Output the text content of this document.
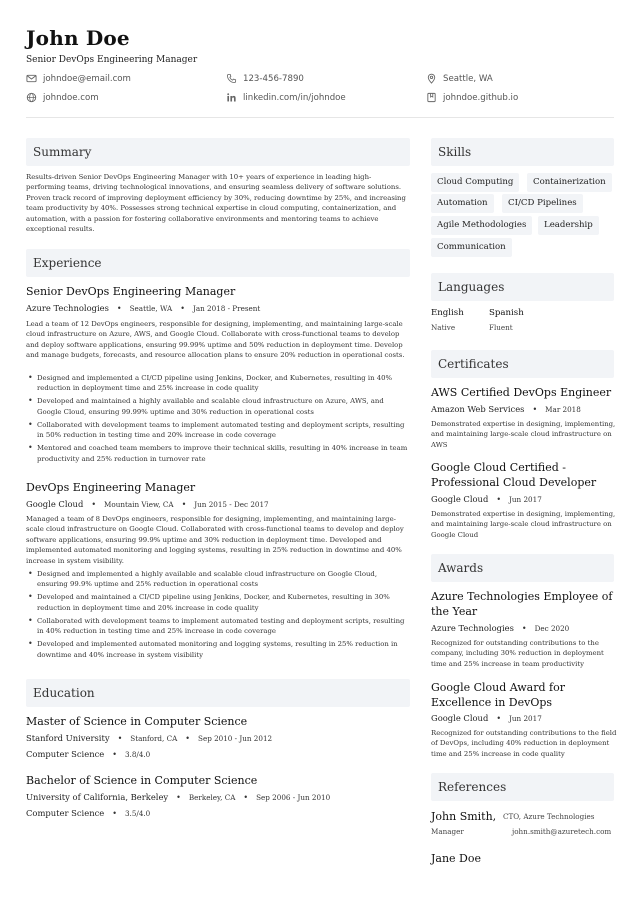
John Doe
Senior DevOps Engineering Manager
johndoe@email.com	123-456-7890	Seattle, WA
johndoe.com	linkedin.com/in/johndoe	johndoe.github.io
Summary
Results-driven Senior DevOps Engineering Manager with 10+ years of experience in leading high-performing teams, driving technological innovations, and ensuring seamless delivery of software solutions. Proven track record of improving deployment efficiency by 30%, reducing downtime by 25%, and increasing team productivity by 40%. Possesses strong technical expertise in cloud computing, containerization, and automation, with a passion for fostering collaborative environments and mentoring teams to achieve exceptional results.
Experience
Senior DevOps Engineering Manager
Azure Technologies • Seattle, WA • Jan 2018 - Present
Lead a team of 12 DevOps engineers, responsible for designing, implementing, and maintaining large-scale cloud infrastructure on Azure, AWS, and Google Cloud. Collaborate with cross-functional teams to develop and deploy software applications, ensuring 99.99% uptime and 50% reduction in deployment time. Develop and manage budgets, forecasts, and resource allocation plans to ensure 20% reduction in operational costs.
• Designed and implemented a CI/CD pipeline using Jenkins, Docker, and Kubernetes, resulting in 40% reduction in deployment time and 25% increase in code quality
• Developed and maintained a highly available and scalable cloud infrastructure on Azure, AWS, and Google Cloud, ensuring 99.99% uptime and 30% reduction in operational costs
• Collaborated with development teams to implement automated testing and deployment scripts, resulting in 50% reduction in testing time and 20% increase in code coverage
• Mentored and coached team members to improve their technical skills, resulting in 40% increase in team productivity and 25% reduction in turnover rate
DevOps Engineering Manager
Google Cloud • Mountain View, CA • Jun 2015 - Dec 2017
Managed a team of 8 DevOps engineers, responsible for designing, implementing, and maintaining large-scale cloud infrastructure on Google Cloud. Collaborated with cross-functional teams to develop and deploy software applications, ensuring 99.9% uptime and 30% reduction in deployment time. Developed and implemented automated monitoring and logging systems, resulting in 25% reduction in downtime and 40% increase in system visibility.
• Designed and implemented a highly available and scalable cloud infrastructure on Google Cloud, ensuring 99.9% uptime and 25% reduction in operational costs
• Developed and maintained a CI/CD pipeline using Jenkins, Docker, and Kubernetes, resulting in 30% reduction in deployment time and 20% increase in code quality
• Collaborated with development teams to implement automated testing and deployment scripts, resulting in 40% reduction in testing time and 25% increase in code coverage
• Developed and implemented automated monitoring and logging systems, resulting in 25% reduction in downtime and 40% increase in system visibility
Education
Master of Science in Computer Science
Stanford University • Stanford, CA • Sep 2010 - Jun 2012
Computer Science • 3.8/4.0
Bachelor of Science in Computer Science
University of California, Berkeley • Berkeley, CA • Sep 2006 - Jun 2010
Computer Science • 3.5/4.0
Skills
Cloud Computing	Containerization
Automation	CI/CD Pipelines
Agile Methodologies	Leadership
Communication
Languages
English
Native
Spanish
Fluent
Certificates
AWS Certified DevOps Engineer
Amazon Web Services • Mar 2018
Demonstrated expertise in designing, implementing, and maintaining large-scale cloud infrastructure on AWS
Google Cloud Certified - Professional Cloud Developer
Google Cloud • Jun 2017
Demonstrated expertise in designing, implementing, and maintaining large-scale cloud infrastructure on Google Cloud
Awards
Azure Technologies Employee of the Year
Azure Technologies • Dec 2020
Recognized for outstanding contributions to the company, including 30% reduction in deployment time and 25% increase in team productivity
Google Cloud Award for Excellence in DevOps
Google Cloud • Jun 2017
Recognized for outstanding contributions to the field of DevOps, including 40% reduction in deployment time and 25% increase in code quality
References
John Smith, CTO, Azure Technologies
Manager	john.smith@azuretech.com
Jane Doe
